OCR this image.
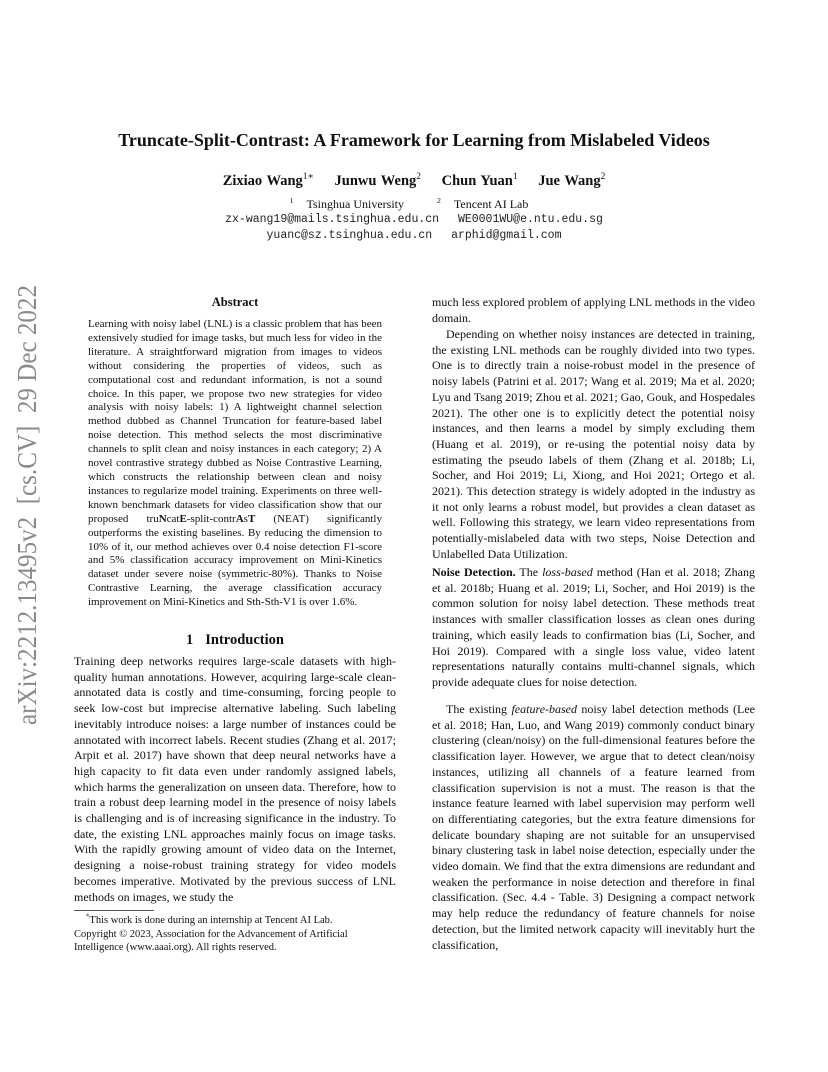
Truncate-Split-Contrast: A Framework for Learning from Mislabeled Videos
Zixiao Wang$^{1∗}$ Junwu Weng$^2$ Chun Yuan$^1$ Jue Wang$^2$
$^1$ Tsinghua University	$^2$ Tencent AI Lab
zx-wang19@mails.tsinghua.edu.cn WE0001WU@e.ntu.edu.sg
yuanc@sz.tsinghua.edu.cn arphid@gmail.com
arXiv:2212.13495v2  [cs.CV]  29 Dec 2022	Abstract
Learning with noisy label (LNL) is a classic problem that has been extensively studied for image tasks, but much less for video in the literature. A straightforward migration from images to videos without considering the properties of videos, such as computational cost and redundant information, is not a sound choice. In this paper, we propose two new strategies for video analysis with noisy labels: 1) A lightweight channel selection method dubbed as Channel Truncation for feature-based label noise detection. This method selects the most discriminative channels to split clean and noisy instances in each category; 2) A novel contrastive strategy dubbed as Noise Contrastive Learning, which constructs the relationship between clean and noisy instances to regularize model training. Experiments on three well-known benchmark datasets for video classification show that our proposed truNcatE-split-contrAsT (NEAT) significantly outperforms the existing baselines. By reducing the dimension to 10% of it, our method achieves over 0.4 noise detection F1-score and 5% classification accuracy improvement on Mini-Kinetics dataset under severe noise (symmetric-80%). Thanks to Noise Contrastive Learning, the average classification accuracy improvement on Mini-Kinetics and Sth-Sth-V1 is over 1.6%.
1 Introduction
Training deep networks requires large-scale datasets with high-quality human annotations. However, acquiring large-scale clean-annotated data is costly and time-consuming, forcing people to seek low-cost but imprecise alternative labeling. Such labeling inevitably introduce noises: a large number of instances could be annotated with incorrect labels. Recent studies (Zhang et al. 2017; Arpit et al. 2017) have shown that deep neural networks have a high capacity to fit data even under randomly assigned labels, which harms the generalization on unseen data. Therefore, how to train a robust deep learning model in the presence of noisy labels is challenging and is of increasing significance in the industry. To date, the existing LNL approaches mainly focus on image tasks. With the rapidly growing amount of video data on the Internet, designing a noise-robust training strategy for video models becomes imperative. Motivated by the previous success of LNL methods on images, we study the
*This work is done during an internship at Tencent AI Lab.
Copyright © 2023, Association for the Advancement of Artificial Intelligence (www.aaai.org). All rights reserved.
much less explored problem of applying LNL methods in the video domain.
Depending on whether noisy instances are detected in training, the existing LNL methods can be roughly divided into two types. One is to directly train a noise-robust model in the presence of noisy labels (Patrini et al. 2017; Wang et al. 2019; Ma et al. 2020; Lyu and Tsang 2019; Zhou et al. 2021; Gao, Gouk, and Hospedales 2021). The other one is to explicitly detect the potential noisy instances, and then learns a model by simply excluding them (Huang et al. 2019), or re-using the potential noisy data by estimating the pseudo labels of them (Zhang et al. 2018b; Li, Socher, and Hoi 2019; Li, Xiong, and Hoi 2021; Ortego et al. 2021). This detection strategy is widely adopted in the industry as it not only learns a robust model, but provides a clean dataset as well. Following this strategy, we learn video representations from potentially-mislabeled data with two steps, Noise Detection and Unlabelled Data Utilization.
Noise Detection. The loss-based method (Han et al. 2018; Zhang et al. 2018b; Huang et al. 2019; Li, Socher, and Hoi 2019) is the common solution for noisy label detection. These methods treat instances with smaller classification losses as clean ones during training, which easily leads to confirmation bias (Li, Socher, and Hoi 2019). Compared with a single loss value, video latent representations naturally contains multi-channel signals, which provide adequate clues for noise detection.
The existing feature-based noisy label detection methods (Lee et al. 2018; Han, Luo, and Wang 2019) commonly conduct binary clustering (clean/noisy) on the full-dimensional features before the classification layer. However, we argue that to detect clean/noisy instances, utilizing all channels of a feature learned from classification supervision is not a must. The reason is that the instance feature learned with label supervision may perform well on differentiating categories, but the extra feature dimensions for delicate boundary shaping are not suitable for an unsupervised binary clustering task in label noise detection, especially under the video domain. We find that the extra dimensions are redundant and weaken the performance in noise detection and therefore in final classification. (Sec. 4.4 - Table. 3) Designing a compact network may help reduce the redundancy of feature channels for noise detection, but the limited network capacity will inevitably hurt the classification,
